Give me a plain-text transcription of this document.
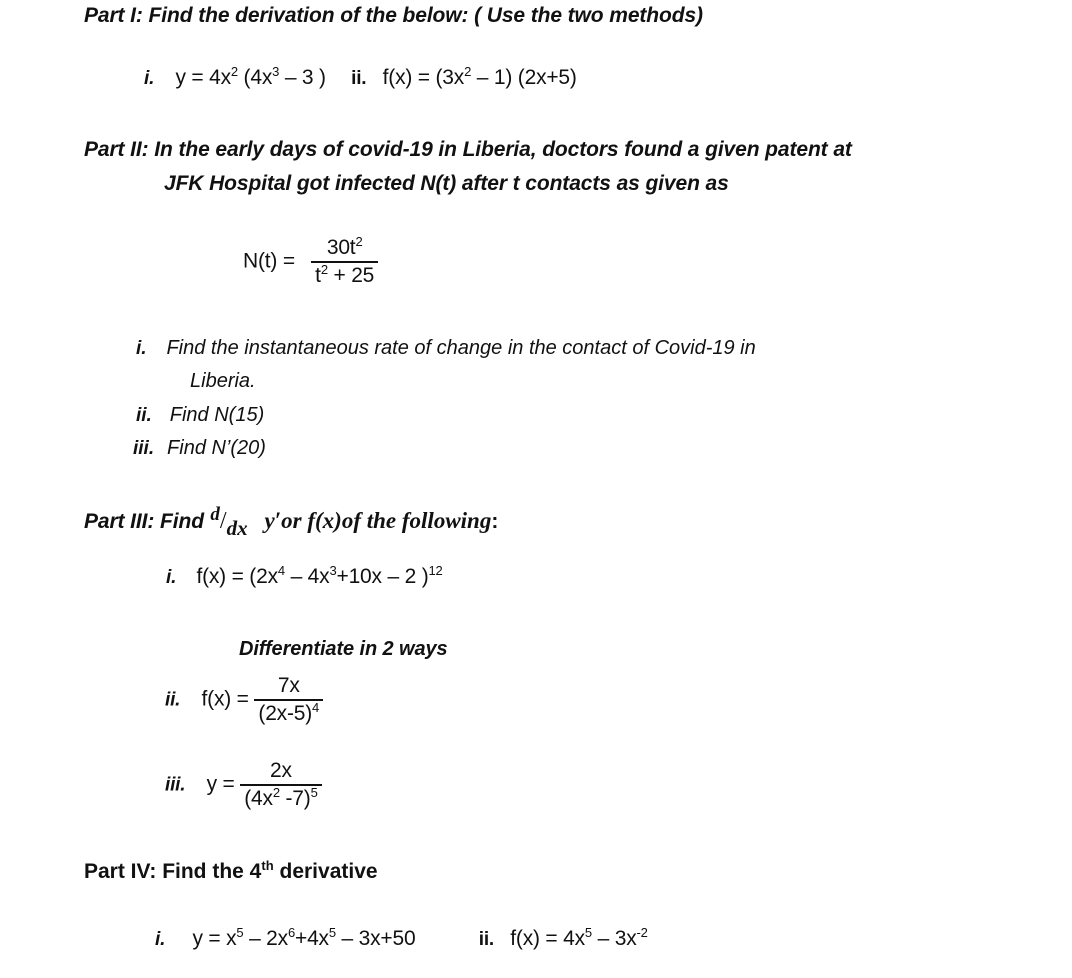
Part I: Find the derivation of the below: ( Use the two methods)
i. $y = 4x^2$ ($4x^3 - 3$ ) ii. $f(x) = (3x^2 - 1)$ (2x+5)
Part II: In the early days of covid-19 in Liberia, doctors found a given patent at
JFK Hospital got infected N(t) after t contacts as given as
$N(t) = \frac{30t^2}{t^2 + 25}$
i. Find the instantaneous rate of change in the contact of Covid-19 in
Liberia.
ii. Find N(15)
iii. Find N’(20)
Part III: Find d/dx y′or f(x)of the following:
i. $f(x) = (2x^4 - 4x^3+10x - 2$ )$^{12}$
Differentiate in 2 ways
ii. $f(x) = \frac{7x}{(2x-5)^4}$
iii. $y = \frac{2x}{(4x^2 -7)^5}$
Part IV: Find the 4th derivative
i. $y = x^5 - 2x^6+4x^5 - 3x+50$	ii. $f(x) = 4x^5 - 3x^{-2}$
